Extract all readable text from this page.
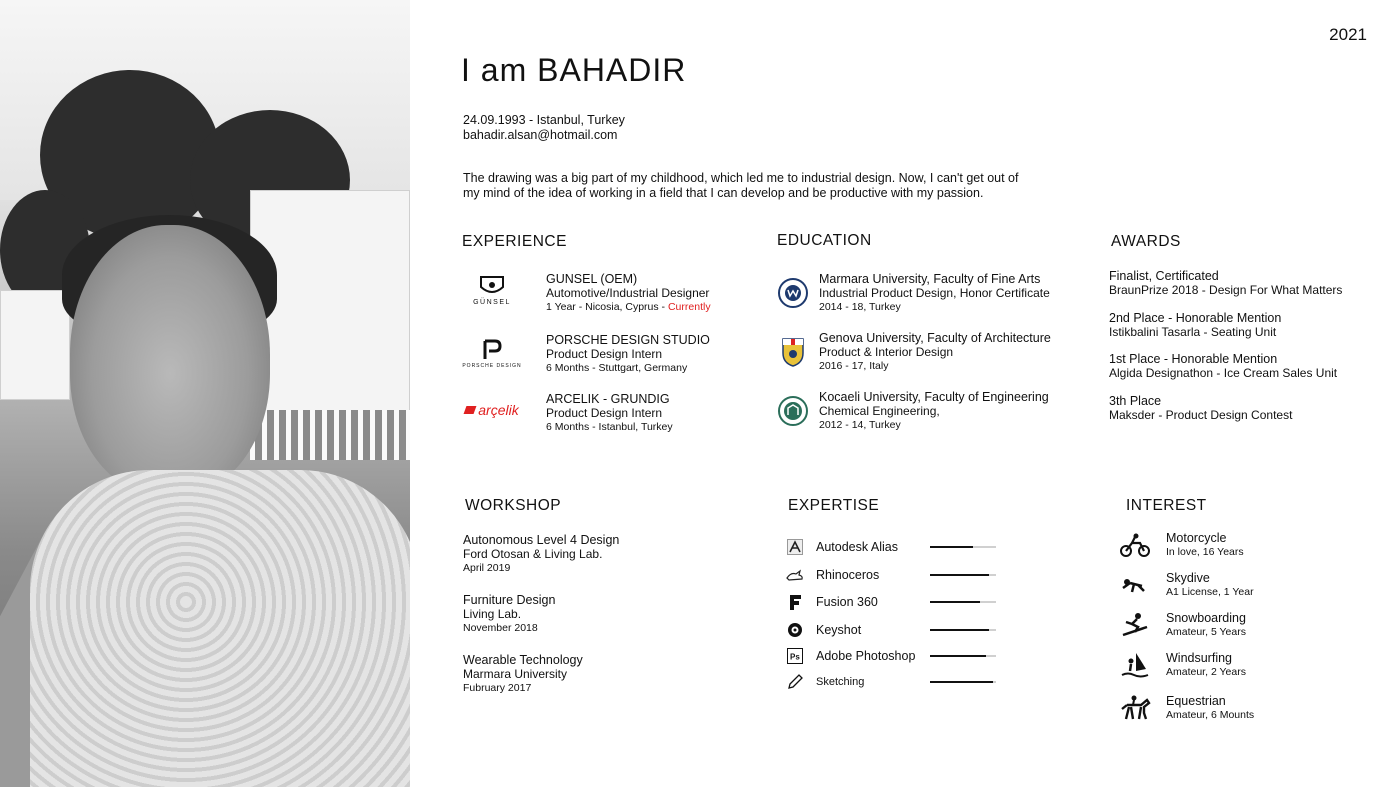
2021
I am BAHADIR
24.09.1993 - Istanbul, Turkey
bahadir.alsan@hotmail.com
The drawing was a big part of my childhood, which led me to industrial design. Now, I can't get out of my mind of the idea of working in a field that I can develop and be productive with my passion.
EXPERIENCE
GÜNSEL
GUNSEL (OEM)
Automotive/Industrial Designer
1 Year - Nicosia, Cyprus - Currently
PORSCHE DESIGN
PORSCHE DESIGN STUDIO
Product Design Intern
6 Months - Stuttgart, Germany
arçelik
ARCELIK - GRUNDIG
Product Design Intern
6 Months - Istanbul, Turkey
EDUCATION
Marmara University, Faculty of Fine Arts
Industrial Product Design, Honor Certificate
2014 - 18, Turkey
Genova University, Faculty of Architecture
Product & Interior Design
2016 - 17, Italy
Kocaeli University, Faculty of Engineering
Chemical Engineering,
2012 - 14, Turkey
AWARDS
Finalist, Certificated
BraunPrize 2018 - Design For What Matters
2nd Place - Honorable Mention
Istikbalini Tasarla - Seating Unit
1st Place - Honorable Mention
Algida Designathon - Ice Cream Sales Unit
3th Place
Maksder - Product Design Contest
WORKSHOP
Autonomous Level 4 Design
Ford Otosan & Living Lab.
April 2019
Furniture Design
Living Lab.
November 2018
Wearable Technology
Marmara University
Fubruary 2017
EXPERTISE
Autodesk Alias
Rhinoceros
Fusion 360
Keyshot
Ps Adobe Photoshop
Sketching
INTEREST
Motorcycle
In love, 16 Years
Skydive
A1 License, 1 Year
Snowboarding
Amateur, 5 Years
Windsurfing
Amateur, 2 Years
Equestrian
Amateur, 6 Mounts
